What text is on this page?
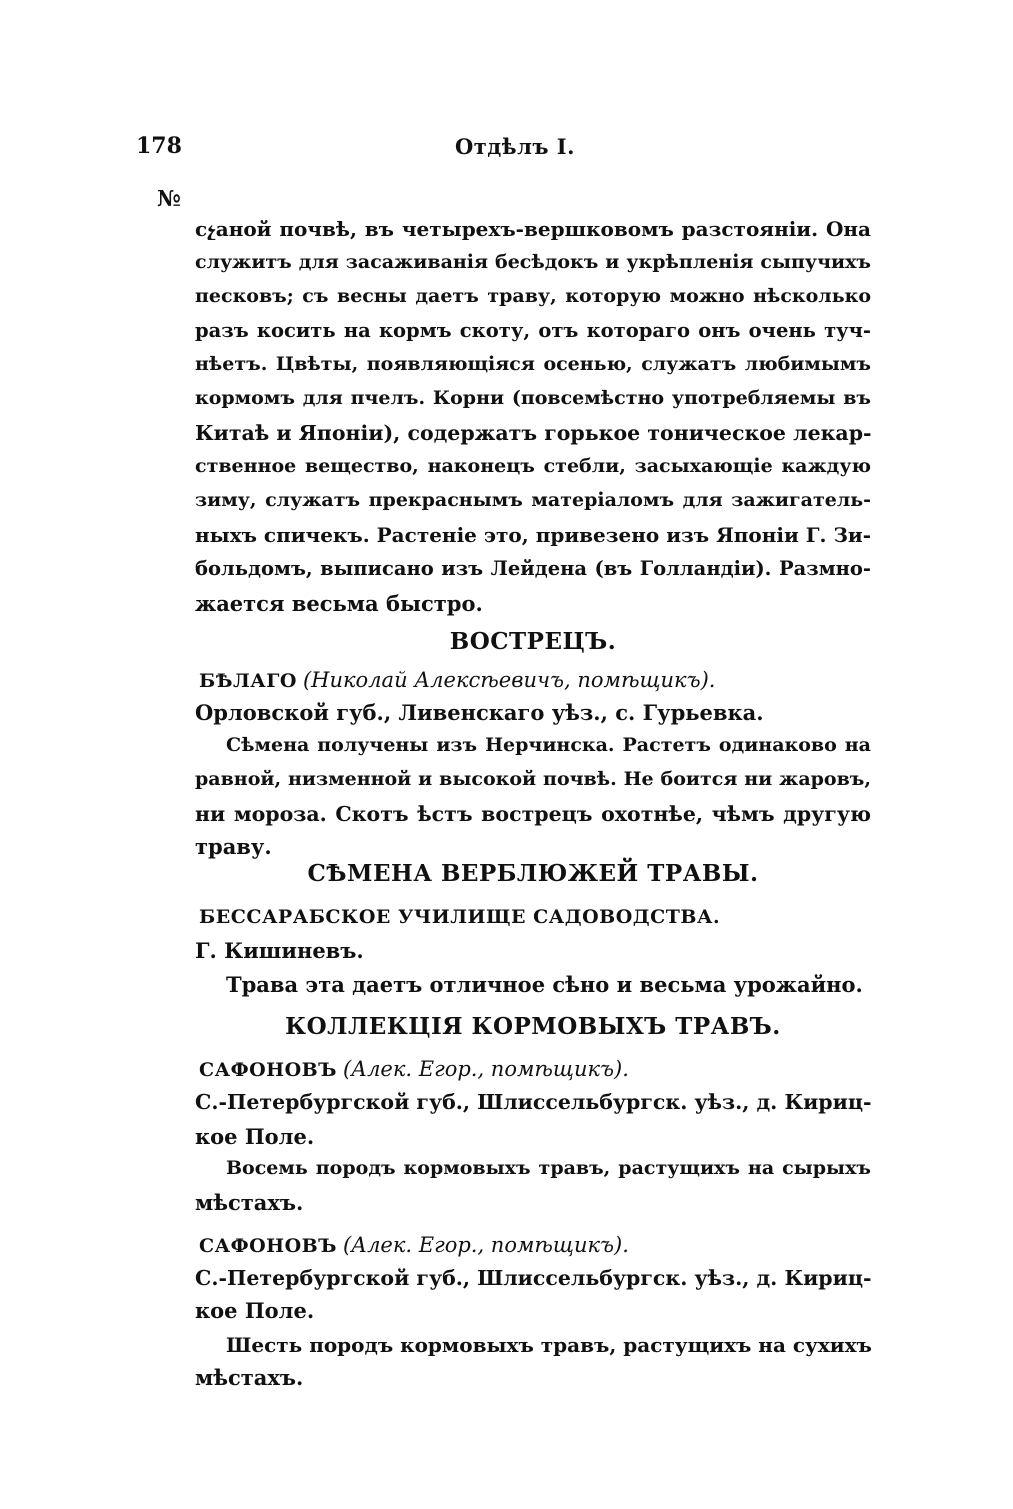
178	Отдѣлъ I.
№
сչаной почвѣ, въ четырехъ-вершковомъ разстояніи. Она
служитъ для засаживанія бесѣдокъ и укрѣпленія сыпучихъ
песковъ; съ весны даетъ траву, которую можно нѣсколько
разъ косить на кормъ скоту, отъ котораго онъ очень туч-
нѣетъ. Цвѣты, появляющіяся осенью, служатъ любимымъ
кормомъ для пчелъ. Корни (повсемѣстно употребляемы въ
Китаѣ и Японіи), содержатъ горькое тоническое лекар-
ственное вещество, наконецъ стебли, засыхающіе каждую
зиму, служатъ прекраснымъ матеріаломъ для зажигатель-
ныхъ спичекъ. Растеніе это, привезено изъ Японіи Г. Зи-
больдомъ, выписано изъ Лейдена (въ Голландіи). Размно-
жается весьма быстро.
ВОСТРЕЦЪ.
БѢЛАГО (Николай Алексѣевичъ, помѣщикъ).
Орловской губ., Ливенскаго уѣз., с. Гурьевка.
Сѣмена получены изъ Нерчинска. Растетъ одинаково на
равной, низменной и высокой почвѣ. Не боится ни жаровъ,
ни мороза. Скотъ ѣстъ вострецъ охотнѣе, чѣмъ другую
траву.
СѢМЕНА ВЕРБЛЮЖЕЙ ТРАВЫ.
БЕССАРАБСКОЕ УЧИЛИЩЕ САДОВОДСТВА.
Г. Кишиневъ.
Трава эта даетъ отличное сѣно и весьма урожайно.
КОЛЛЕКЦІЯ КОРМОВЫХЪ ТРАВЪ.
САФОНОВЪ (Алек. Егор., помѣщикъ).
С.-Петербургской губ., Шлиссельбургск. уѣз., д. Кириц-
кое Поле.
Восемь породъ кормовыхъ травъ, растущихъ на сырыхъ
мѣстахъ.
САФОНОВЪ (Алек. Егор., помѣщикъ).
С.-Петербургской губ., Шлиссельбургск. уѣз., д. Кириц-
кое Поле.
Шесть породъ кормовыхъ травъ, растущихъ на сухихъ
мѣстахъ.
